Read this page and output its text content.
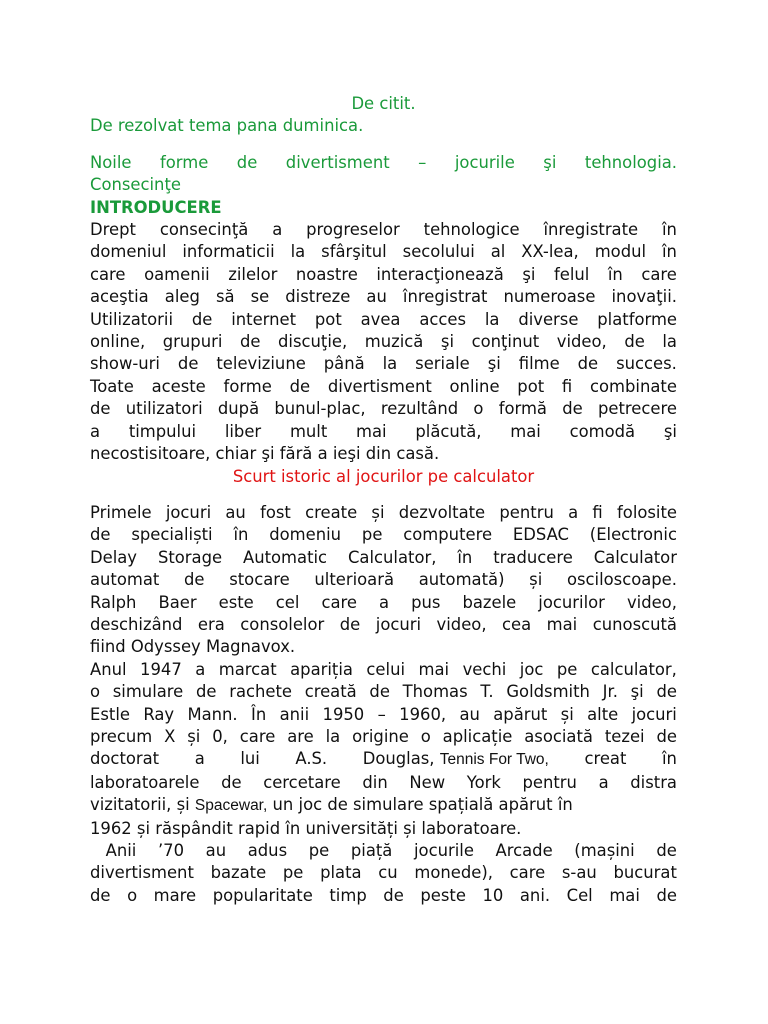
De citit.
De rezolvat tema pana duminica.
Noile forme de divertisment – jocurile şi tehnologia.
Consecinţe
INTRODUCERE
Drept consecinţă a progreselor tehnologice înregistrate în
domeniul informaticii la sfârşitul secolului al XX-lea, modul în
care oamenii zilelor noastre interacţionează şi felul în care
aceştia aleg să se distreze au înregistrat numeroase inovaţii.
Utilizatorii de internet pot avea acces la diverse platforme
online, grupuri de discuţie, muzică şi conţinut video, de la
show-uri de televiziune până la seriale şi filme de succes.
Toate aceste forme de divertisment online pot fi combinate
de utilizatori după bunul-plac, rezultând o formă de petrecere
a timpului liber mult mai plăcută, mai comodă şi
necostisitoare, chiar şi fără a ieşi din casă.
Scurt istoric al jocurilor pe calculator
Primele jocuri au fost create și dezvoltate pentru a fi folosite
de specialiști în domeniu pe computere EDSAC (Electronic
Delay Storage Automatic Calculator, în traducere Calculator
automat de stocare ulterioară automată) și osciloscoape.
Ralph Baer este cel care a pus bazele jocurilor video,
deschizând era consolelor de jocuri video, cea mai cunoscută
fiind Odyssey Magnavox.
Anul 1947 a marcat apariția celui mai vechi joc pe calculator,
o simulare de rachete creată de Thomas T. Goldsmith Jr. şi de
Estle Ray Mann. În anii 1950 – 1960, au apărut și alte jocuri
precum X și 0, care are la origine o aplicație asociată tezei de
doctorat a lui A.S. Douglas, Tennis For Two, creat în
laboratoarele de cercetare din New York pentru a distra
vizitatorii, și Spacewar, un joc de simulare spațială apărut în
1962 și răspândit rapid în universități și laboratoare.
Anii ’70 au adus pe piață jocurile Arcade (mașini de
divertisment bazate pe plata cu monede), care s-au bucurat
de o mare popularitate timp de peste 10 ani. Cel mai de
